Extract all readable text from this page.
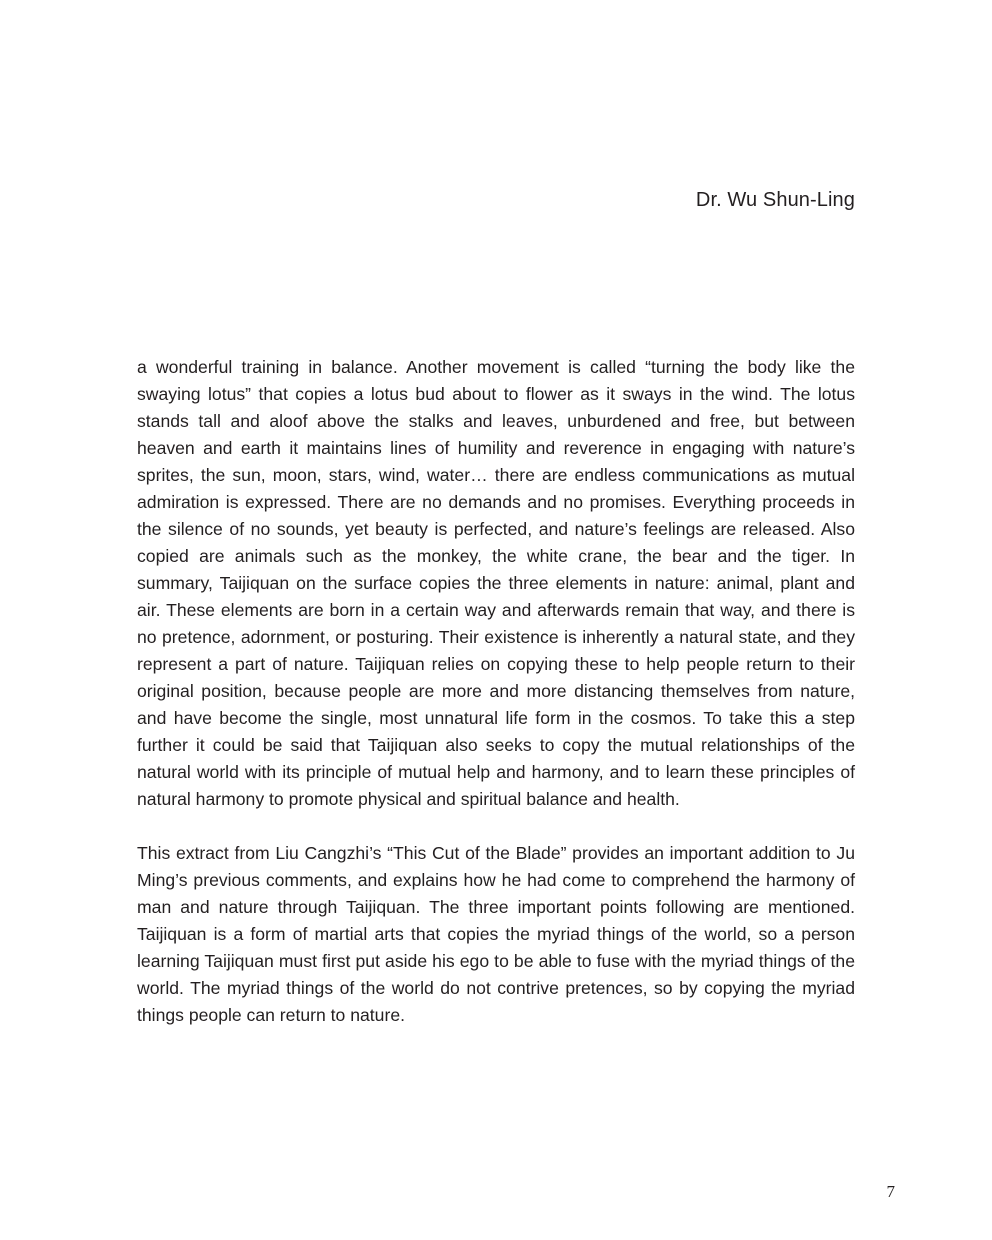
Dr. Wu Shun-Ling

a wonderful training in balance. Another movement is called “turning the body like the swaying lotus” that copies a lotus bud about to flower as it sways in the wind. The lotus stands tall and aloof above the stalks and leaves, unburdened and free, but between heaven and earth it maintains lines of humility and reverence in engaging with nature’s sprites, the sun, moon, stars, wind, water… there are endless communications as mutual admiration is expressed. There are no demands and no promises. Everything proceeds in the silence of no sounds, yet beauty is perfected, and nature’s feelings are released. Also copied are animals such as the monkey, the white crane, the bear and the tiger. In summary, Taijiquan on the surface copies the three elements in nature: animal, plant and air. These elements are born in a certain way and afterwards remain that way, and there is no pretence, adornment, or posturing. Their existence is inherently a natural state, and they represent a part of nature. Taijiquan relies on copying these to help people return to their original position, because people are more and more distancing themselves from nature, and have become the single, most unnatural life form in the cosmos. To take this a step further it could be said that Taijiquan also seeks to copy the mutual relationships of the natural world with its principle of mutual help and harmony, and to learn these principles of natural harmony to promote physical and spiritual balance and health.

This extract from Liu Cangzhi’s “This Cut of the Blade” provides an important addition to Ju Ming’s previous comments, and explains how he had come to comprehend the harmony of man and nature through Taijiquan. The three important points following are mentioned. Taijiquan is a form of martial arts that copies the myriad things of the world, so a person learning Taijiquan must first put aside his ego to be able to fuse with the myriad things of the world. The myriad things of the world do not contrive pretences, so by copying the myriad things people can return to nature.

7
